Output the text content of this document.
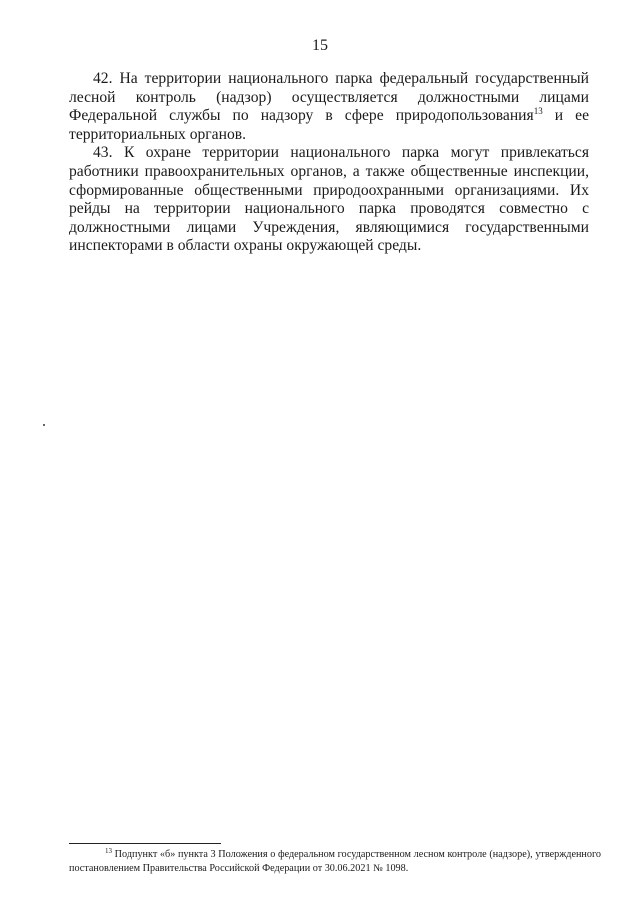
15

42. На территории национального парка федеральный государственный лесной контроль (надзор) осуществляется должностными лицами Федеральной службы по надзору в сфере природопользования$^{13}$ и ее территориальных органов.

43. К охране территории национального парка могут привлекаться работники правоохранительных органов, а также общественные инспекции, сформированные общественными природоохранными организациями. Их рейды на территории национального парка проводятся совместно с должностными лицами Учреждения, являющимися государственными инспекторами в области охраны окружающей среды.

$^{13}$ Подпункт «б» пункта 3 Положения о федеральном государственном лесном контроле (надзоре), утвержденного постановлением Правительства Российской Федерации от 30.06.2021 № 1098.
